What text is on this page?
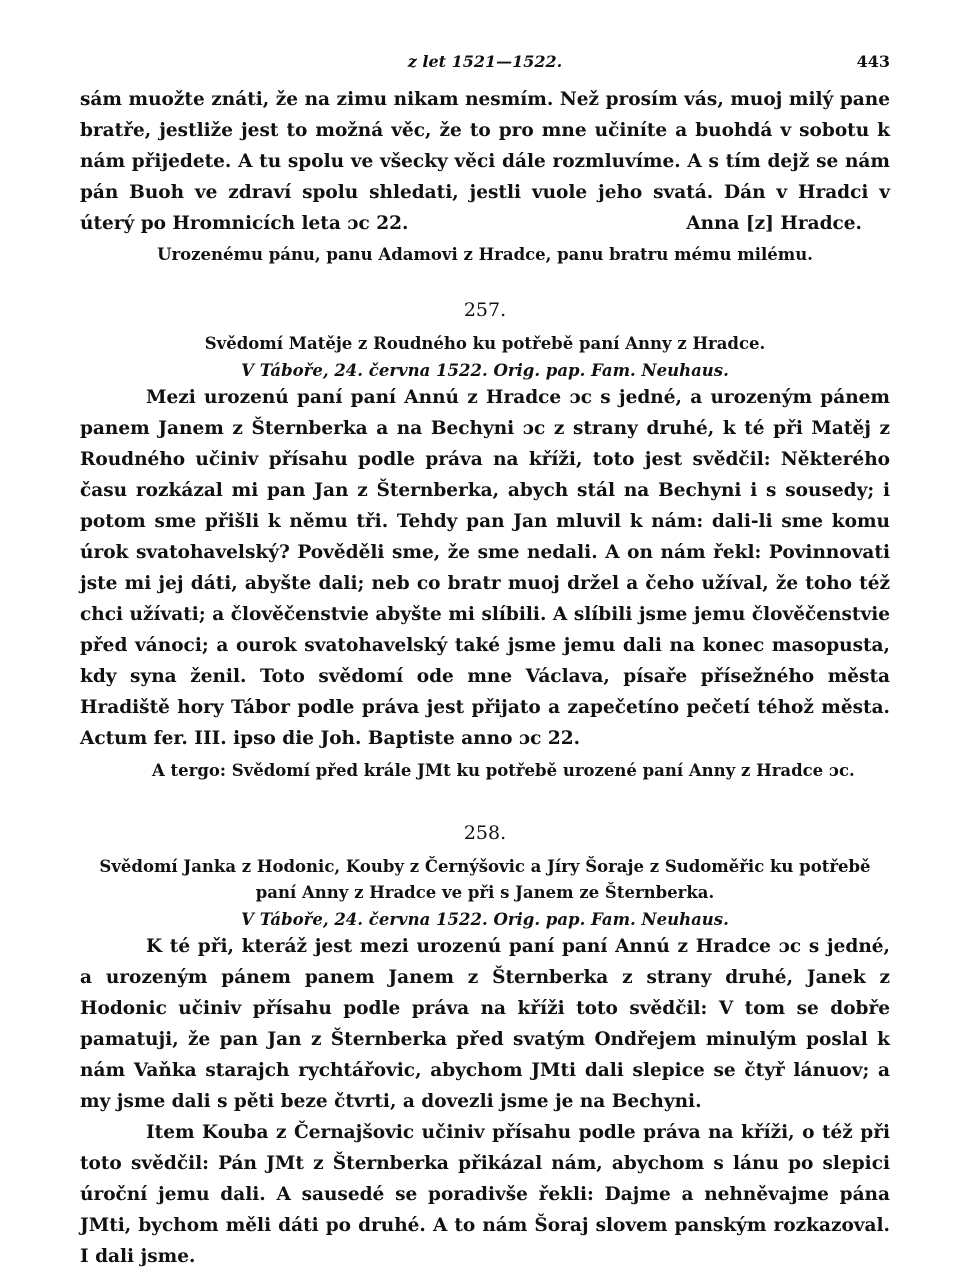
z let 1521—1522.	443

sám muožte znáti, že na zimu nikam nesmím. Než prosím vás, muoj milý pane bratře, jestliže jest to možná věc, že to pro mne učiníte a buohdá v sobotu k nám přijedete. A tu spolu ve všecky věci dále rozmluvíme. A s tím dejž se nám pán Buoh ve zdraví spolu shledati, jestli vuole jeho svatá. Dán v Hradci v úterý po Hromnicích leta ɔc 22.	Anna [z] Hradce.

Urozenému pánu, panu Adamovi z Hradce, panu bratru mému milému.

257.
Svědomí Matěje z Roudného ku potřebě paní Anny z Hradce.
V Táboře, 24. června 1522. Orig. pap. Fam. Neuhaus.

Mezi urozenú paní paní Annú z Hradce ɔc s jedné, a urozeným pánem panem Janem z Šternberka a na Bechyni ɔc z strany druhé, k té při Matěj z Roudného učiniv přísahu podle práva na kříži, toto jest svědčil: Některého času rozkázal mi pan Jan z Šternberka, abych stál na Bechyni i s sousedy; i potom sme přišli k němu tři. Tehdy pan Jan mluvil k nám: dali-li sme komu úrok svatohavelský? Pověděli sme, že sme nedali. A on nám řekl: Povinnovati jste mi jej dáti, abyšte dali; neb co bratr muoj držel a čeho užíval, že toho též chci užívati; a člověčenstvie abyšte mi slíbili. A slíbili jsme jemu člověčenstvie před vánoci; a ourok svatohavelský také jsme jemu dali na konec masopusta, kdy syna ženil. Toto svědomí ode mne Václava, písaře přísežného města Hradiště hory Tábor podle práva jest přijato a zapečetíno pečetí téhož města. Actum fer. III. ipso die Joh. Baptiste anno ɔc 22.

A tergo: Svědomí před krále JMt ku potřebě urozené paní Anny z Hradce ɔc.

258.
Svědomí Janka z Hodonic, Kouby z Černýšovic a Jíry Šoraje z Sudoměřic ku potřebě paní Anny z Hradce ve při s Janem ze Šternberka.
V Táboře, 24. června 1522. Orig. pap. Fam. Neuhaus.

K té při, kteráž jest mezi urozenú paní paní Annú z Hradce ɔc s jedné, a urozeným pánem panem Janem z Šternberka z strany druhé, Janek z Hodonic učiniv přísahu podle práva na kříži toto svědčil: V tom se dobře pamatuji, že pan Jan z Šternberka před svatým Ondřejem minulým poslal k nám Vaňka starajch rychtářovic, abychom JMti dali slepice se čtyř lánuov; a my jsme dali s pěti beze čtvrti, a dovezli jsme je na Bechyni.

Item Kouba z Černajšovic učiniv přísahu podle práva na kříži, o též při toto svědčil: Pán JMt z Šternberka přikázal nám, abychom s lánu po slepici úroční jemu dali. A sausedé se poradivše řekli: Dajme a nehněvajme pána JMti, bychom měli dáti po druhé. A to nám Šoraj slovem panským rozkazoval. I dali jsme.
